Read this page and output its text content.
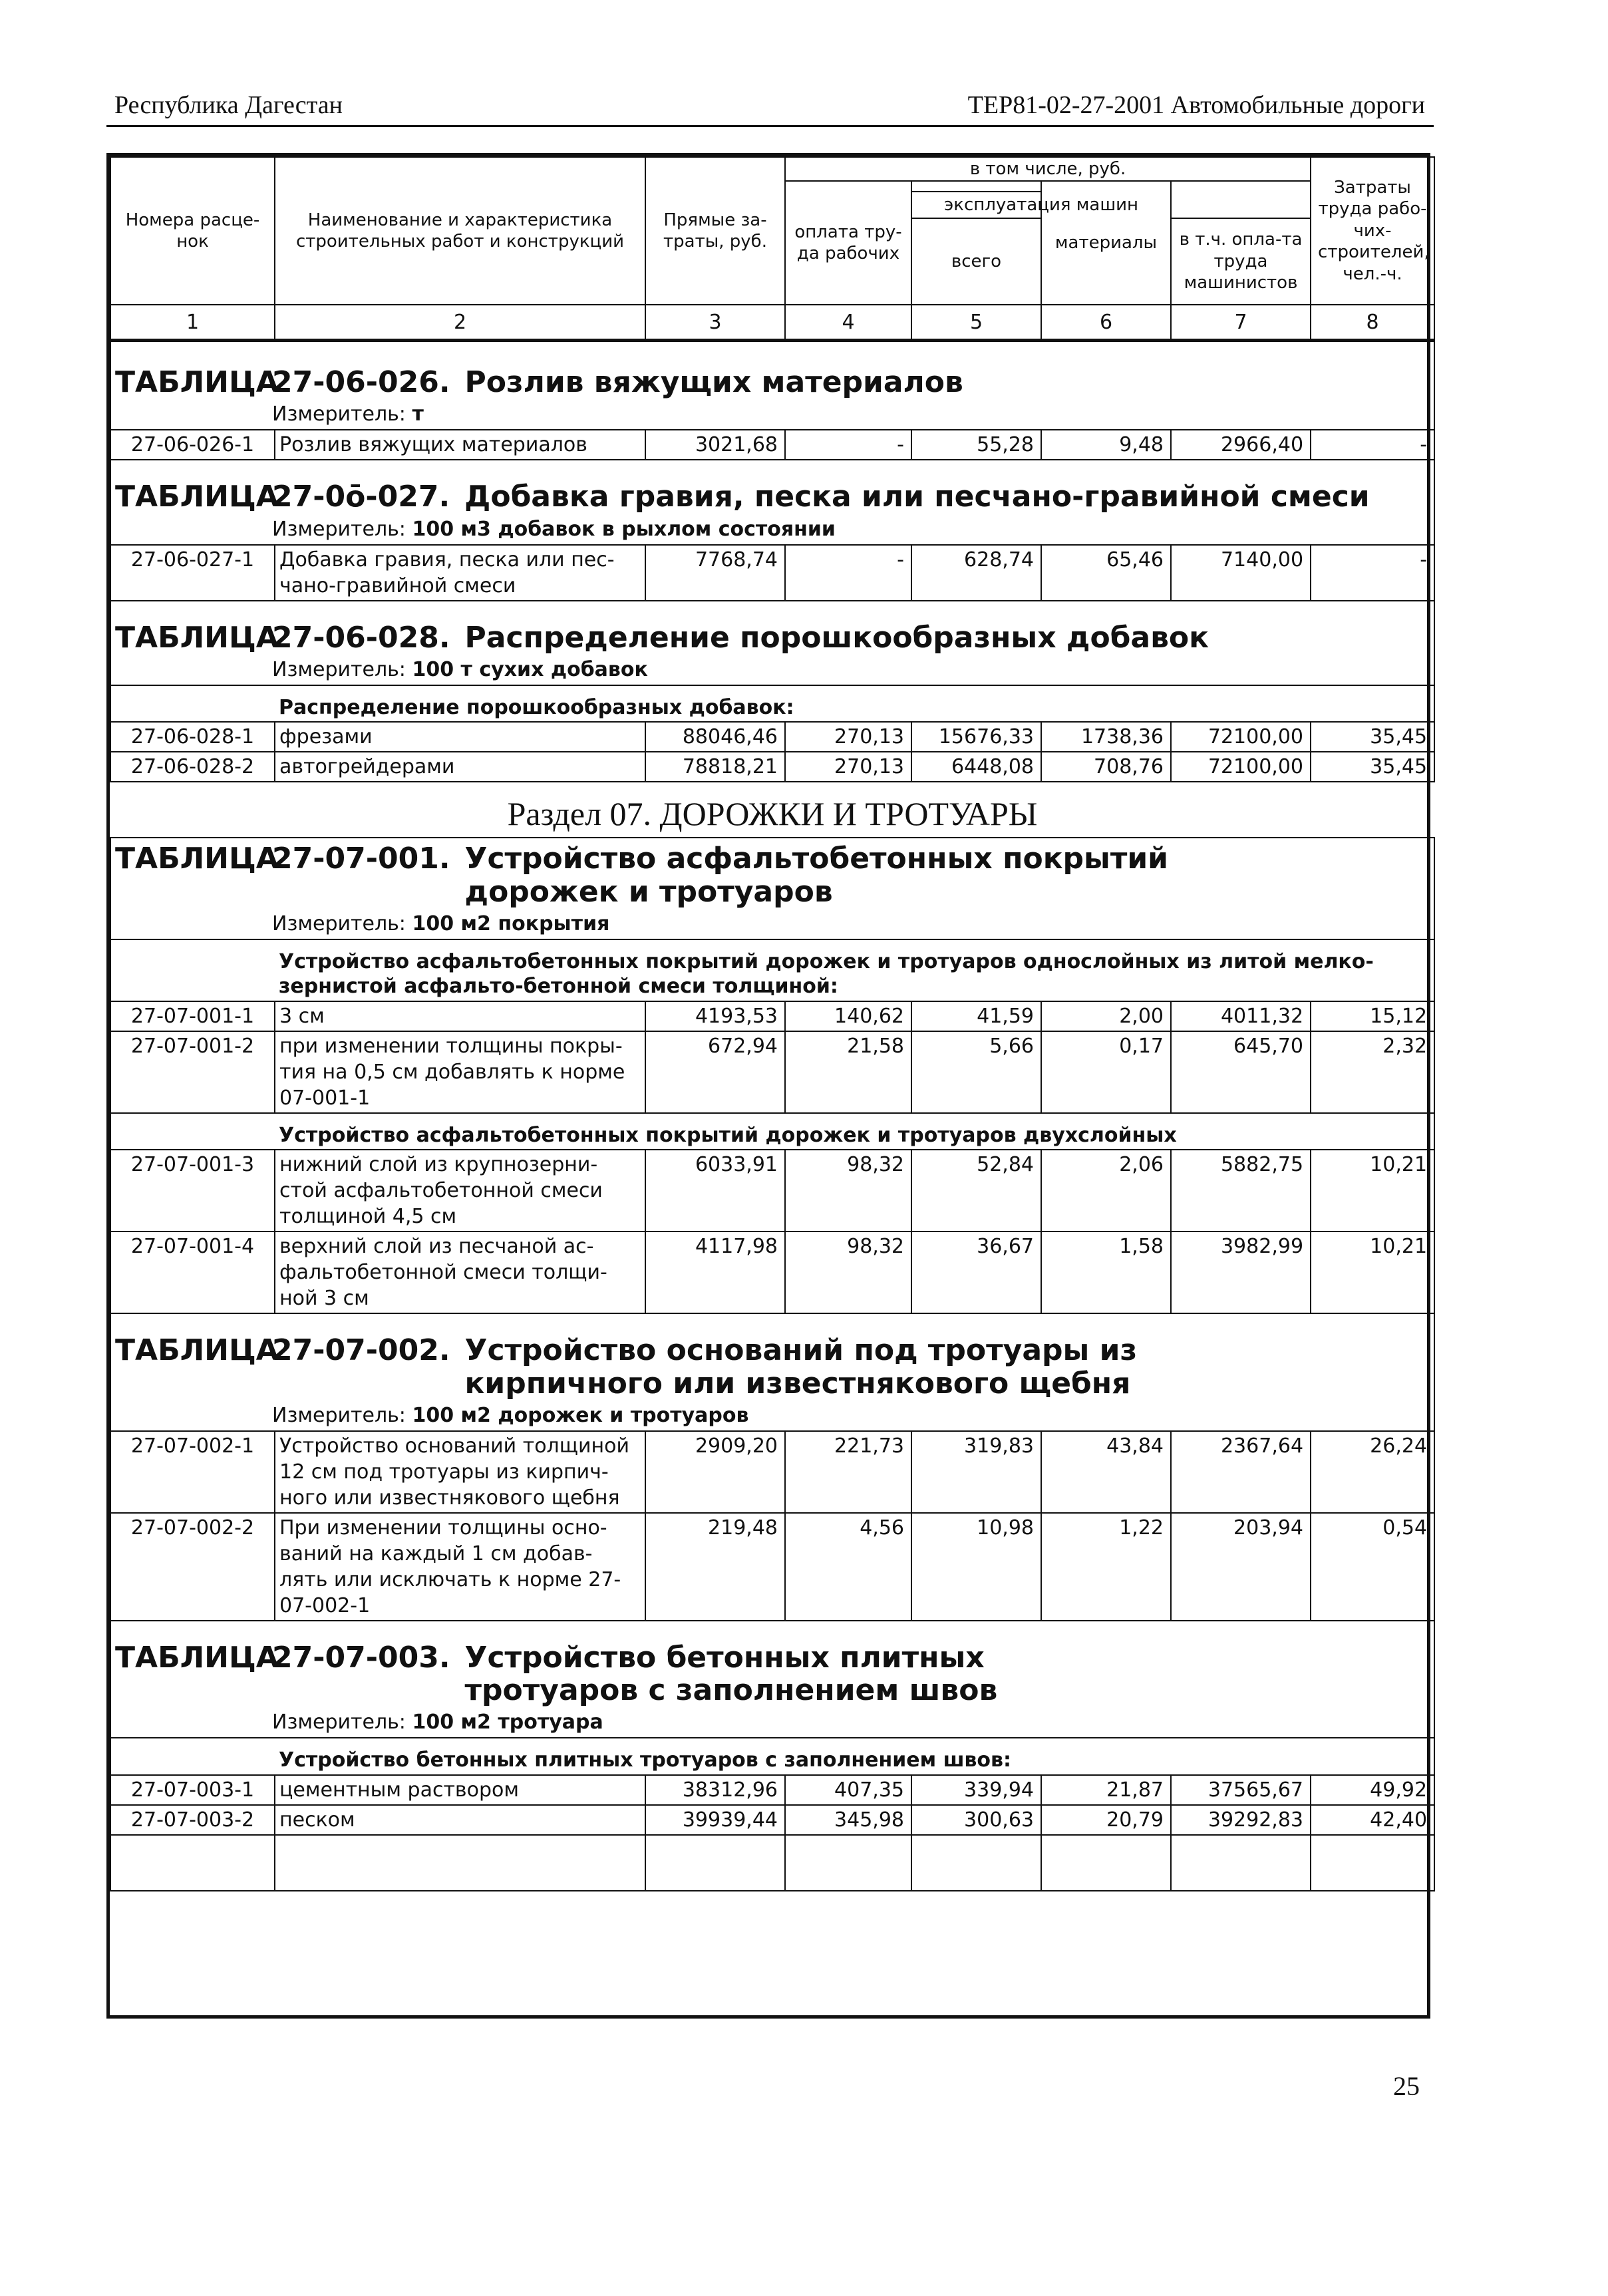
Республика Дагестан	ТЕР81-02-27-2001 Автомобильные дороги
Номера расце-нок	Наименование и характеристика строительных работ и конструкций	Прямые за-траты, руб.	в том числе, руб.				Затраты труда рабо-чих-строителей, чел.-ч.
			оплата тру-да рабочих		материалы		
				эксплуатация машин			
				всего		в т.ч. опла-та труда машинистов	
1	2	3	4	5	6	7	8

ТАБЛИЦА
27-06-026. Розлив вяжущих материалов
Измеритель: т							

27-06-026-1	Розлив вяжущих материалов	3021,68	-	55,28	9,48	2966,40	-

ТАБЛИЦА
27-0ō-027. Добавка гравия, песка или песчано-гравийной смеси
Измеритель: 100 м3 добавок в рыхлом состоянии							

27-06-027-1	Добавка гравия, песка или пес-чано-гравийной смеси	7768,74	-	628,74	65,46	7140,00	-

ТАБЛИЦА
27-06-028. Распределение порошкообразных добавок
Измеритель: 100 т сухих добавок							

	Распределение порошкообразных добавок:						
27-06-028-1	фрезами	88046,46	270,13	15676,33	1738,36	72100,00	35,45
27-06-028-2	автогрейдерами	78818,21	270,13	6448,08	708,76	72100,00	35,45
Раздел 07. ДОРОЖКИ И ТРОТУАРЫ							

ТАБЛИЦА
27-07-001. Устройство асфальтобетонных покрытий дорожек и тротуаров
Измеритель: 100 м2 покрытия							

	Устройство асфальтобетонных покрытий дорожек и тротуаров однослойных из литой мелко-зернистой асфальто-бетонной смеси толщиной:						
27-07-001-1	3 см	4193,53	140,62	41,59	2,00	4011,32	15,12
27-07-001-2	при изменении толщины покры-тия на 0,5 см добавлять к норме 07-001-1	672,94	21,58	5,66	0,17	645,70	2,32
	Устройство асфальтобетонных покрытий дорожек и тротуаров двухслойных						
27-07-001-3	нижний слой из крупнозерни-стой асфальтобетонной смеси толщиной 4,5 см	6033,91	98,32	52,84	2,06	5882,75	10,21
27-07-001-4	верхний слой из песчаной ас-фальтобетонной смеси толщи-ной 3 см	4117,98	98,32	36,67	1,58	3982,99	10,21

ТАБЛИЦА
27-07-002. Устройство оснований под тротуары из кирпичного или известнякового щебня
Измеритель: 100 м2 дорожек и тротуаров							

27-07-002-1	Устройство оснований толщиной 12 см под тротуары из кирпич-ного или известнякового щебня	2909,20	221,73	319,83	43,84	2367,64	26,24
27-07-002-2	При изменении толщины осно-ваний на каждый 1 см добав-лять или исключать к норме 27-07-002-1	219,48	4,56	10,98	1,22	203,94	0,54

ТАБЛИЦА
27-07-003. Устройство бетонных плитных тротуаров с заполнением швов
Измеритель: 100 м2 тротуара							

	Устройство бетонных плитных тротуаров с заполнением швов:						
27-07-003-1	цементным раствором	38312,96	407,35	339,94	21,87	37565,67	49,92
27-07-003-2	песком	39939,44	345,98	300,63	20,79	39292,83	42,40

25
